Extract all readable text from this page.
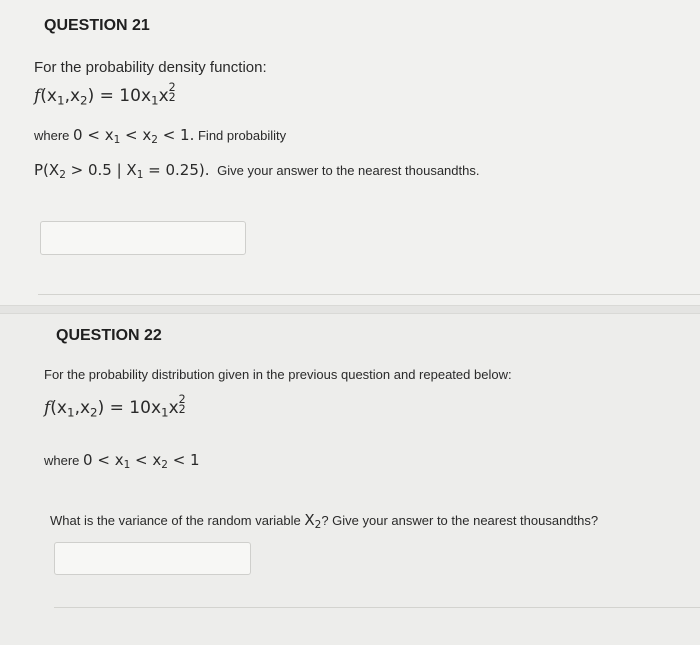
QUESTION 21
For the probability density function:
$f(x_1,x_2) = 10x_1x$ 2
2
where $0 < x_1 < x_2 < 1$. Find probability
$P(X_2 > 0.5$ | $X_1 = 0.25$). Give your answer to the nearest thousandths.
QUESTION 22
For the probability distribution given in the previous question and repeated below:
$f(x_1,x_2) = 10x_1x$ 2
2
where $0 < x_1 < x_2 < 1$
What is the variance of the random variable $X_2$? Give your answer to the nearest thousandths?
